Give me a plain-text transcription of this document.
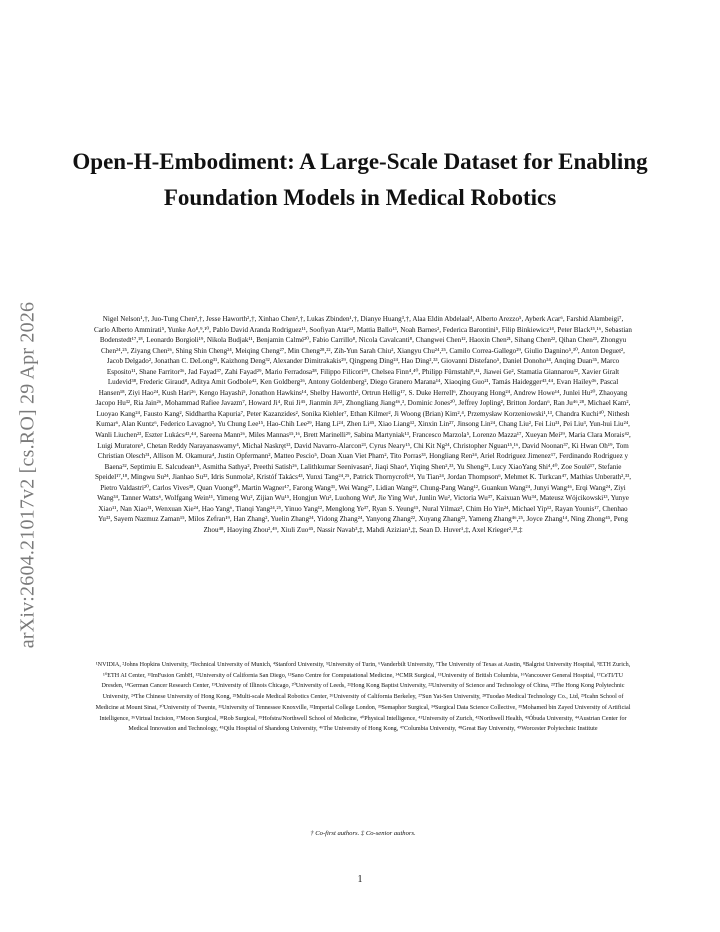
arXiv:2604.21017v2 [cs.RO] 29 Apr 2026
Open-H-Embodiment: A Large-Scale Dataset for Enabling Foundation Models in Medical Robotics
Nigel Nelson¹,†, Juo-Tung Chen²,†, Jesse Haworth²,†, Xinhao Chen²,†, Lukas Zbinden¹,†, Dianye Huang³,†, Alaa Eldin Abdelaal⁴, Alberto Arezzo⁵, Ayberk Acar⁶, Farshid Alambeigi⁷, Carlo Alberto Ammirati⁵, Yunke Ao⁸,⁹,¹⁰, Pablo David Aranda Rodriguez¹¹, Soofiyan Atar¹², Mattia Ballo¹³, Noah Barnes², Federica Barontini⁵, Filip Binkiewicz¹⁴, Peter Black¹⁵,¹⁶, Sebastian Bodenstedt¹⁷,¹⁸, Leonardo Borgioli¹⁹, Nikola Budjak¹¹, Benjamin Calmé²⁰, Fabio Carrillo⁸, Nicola Cavalcanti⁸, Changwei Chen¹², Haoxin Chen²¹, Sihang Chen²², Qihan Chen²³, Zhongyu Chen²⁴,²⁵, Ziyang Chen²⁶, Shing Shin Cheng²⁴, Meiqing Cheng²⁷, Min Cheng²⁸,²², Zih-Yun Sarah Chiu², Xiangyu Chu²⁴,²⁵, Camilo Correa-Gallego²⁹, Giulio Dagnino⁵,³⁰, Anton Deguet², Jacob Delgado², Jonathan C. DeLong³¹, Kaizhong Deng³², Alexander Dimitrakakis²⁹, Qingpeng Ding²⁴, Hao Ding²,³³, Giovanni Distefano⁵, Daniel Donoho³⁴, Anqing Duan³⁵, Marco Esposito¹¹, Shane Farritor³⁶, Jad Fayad³⁷, Zahi Fayad²⁹, Mario Ferradosa³⁸, Filippo Filicori³⁹, Chelsea Finn⁴,⁴⁰, Philipp Fürnstahl⁸,⁴¹, Jiawei Ge², Stamatia Giannarou³², Xavier Giralt Ludevid³⁸, Frederic Giraud⁸, Aditya Amit Godbole⁴², Ken Goldberg²⁶, Antony Goldenberg², Diego Granero Marana¹⁴, Xiaoqing Guo²¹, Tamás Haidegger⁴³,⁴⁴, Evan Hailey³⁶, Pascal Hansen¹⁸, Ziyi Hao²⁴, Kush Hari²⁶, Kengo Hayashi⁵, Jonathon Hawkins¹⁴, Shelby Haworth², Ortrun Hellig¹⁷, S. Duke Herrell⁶, Zhouyang Hong²⁴, Andrew Howe¹⁴, Junlei Hu²⁰, Zhaoyang Jacopo Hu³², Ria Jain²⁶, Mohammad Rafiee Javazm⁷, Howard Ji⁴, Rui Ji⁴⁵, Jianmin Ji²², Zhongliang Jiang⁴⁶,³, Dominic Jones²⁰, Jeffrey Jopling², Britton Jordan⁶, Ran Ju⁴⁶,²⁸, Michael Kam², Luoyao Kang²⁴, Fausto Kang², Siddhartha Kapuria⁷, Peter Kazanzides², Sonika Kiehler⁷, Ethan Kilmer², Ji Woong (Brian) Kim²,⁴, Przemysław Korzeniowski¹,¹³, Chandra Kuchi⁴⁰, Nithesh Kumar⁶, Alan Kuntz⁶, Federico Lavagno⁵, Yu Chung Lee¹⁵, Hao-Chih Lee²⁹, Hang Li²⁴, Zhen Li⁴⁵, Xiao Liang¹², Xinxin Lin²⁷, Jinsong Lin²⁴, Chang Liu², Fei Liu³¹, Pei Liu³, Yun-hui Liu²⁴, Wanli Liuchen²³, Eszter Lukács⁴³,⁴⁴, Sareena Mann²⁶, Miles Mannas¹⁵,¹⁶, Brett Marinelli²⁹, Sabina Martyniak¹³, Francesco Marzola⁵, Lorenzo Mazza¹⁷, Xueyan Mei²⁹, Maria Clara Morais⁴², Luigi Muratore⁵, Chetan Reddy Narayanaswamy⁴, Michał Naskręt¹³, David Navarro-Alarcon²³, Cyrus Neary¹⁵, Chi Kit Ng²⁴, Christopher Nguan¹⁵,¹⁶, David Noonan³⁷, Ki Hwan Oh¹⁹, Tom Christian Olesch³¹, Allison M. Okamura⁴, Justin Opfermann², Matteo Pescio⁵, Doan Xuan Viet Pham², Tito Porras³³, Hongliang Ren²⁴, Ariel Rodriguez Jimenez¹⁷, Ferdinando Rodriguez y Baena³², Septimiu E. Salcudean¹⁵, Asmitha Sathya², Preethi Satish²⁶, Lalithkumar Seenivasan², Jiaqi Shao⁴, Yiqing Shen²,³³, Yu Sheng²², Lucy XiaoYang Shi⁴,⁴⁰, Zoe Soulé¹⁷, Stefanie Speidel¹⁷,¹⁸, Mingwu Su²⁴, Jianhao Su³², Idris Sunmola², Kristóf Takács⁴³, Yunxi Tang²⁴,²⁵, Patrick Thornycroft¹⁴, Yu Tian²⁴, Jordan Thompson⁶, Mehmet K. Turkcan⁴⁷, Mathias Unberath²,³³, Pietro Valdastri²⁰, Carlos Vives³⁸, Quan Vuong⁴⁰, Martin Wagner¹⁷, Farong Wang³¹, Wei Wang²⁷, Lidian Wang²², Chung-Pang Wang¹², Guankun Wang²⁴, Junyi Wang⁴⁶, Erqi Wang²⁴, Ziyi Wang³⁴, Tanner Watts⁶, Wolfgang Wein¹¹, Yimeng Wu², Zijian Wu¹⁵, Hongjun Wu², Luohong Wu⁸, Jie Ying Wu⁶, Junlin Wu², Victoria Wu³⁷, Kaixuan Wu³⁴, Mateusz Wójcikowski¹³, Yunye Xiao¹¹, Nan Xiao³¹, Wenxuan Xie²⁴, Hao Yang⁶, Tianqi Yang²⁴,²⁵, Yinuo Yang¹², Menglong Ye³⁷, Ryan S. Yeung¹⁵, Nural Yilmaz², Chim Ho Yin²⁴, Michael Yip¹², Rayan Younis¹⁷, Chenhao Yu³³, Sayem Nazmuz Zaman¹⁵, Milos Zefran¹⁹, Han Zhang², Yuelin Zhang²⁴, Yidong Zhang²⁴, Yanyong Zhang²², Xuyang Zhang²², Yameng Zhang⁴⁶,²⁵, Joyce Zhang¹⁴, Ning Zhong⁴⁵, Peng Zhou⁴⁸, Haoying Zhou²,⁴⁹, Xiuli Zuo⁴⁵, Nassir Navab³,‡, Mahdi Azizian¹,‡, Sean D. Huver¹,‡, Axel Krieger²,³³,‡
¹NVIDIA, ²Johns Hopkins University, ³Technical University of Munich, ⁴Stanford University, ⁵University of Turin, ⁶Vanderbilt University, ⁷The University of Texas at Austin, ⁸Balgrist University Hospital, ⁹ETH Zurich, ¹⁰ETH AI Center, ¹¹ImFusion GmbH, ¹²University of California San Diego, ¹³Sano Centre for Computational Medicine, ¹⁴CMR Surgical, ¹⁵University of British Columbia, ¹⁶Vancouver General Hospital, ¹⁷CeTI/TU Dresden, ¹⁸German Cancer Research Center, ¹⁹University of Illinois Chicago, ²⁰University of Leeds, ²¹Hong Kong Baptist University, ²²University of Science and Technology of China, ²³The Hong Kong Polytechnic University, ²⁴The Chinese University of Hong Kong, ²⁵Multi-scale Medical Robotics Center, ²⁶University of California Berkeley, ²⁷Sun Yat-Sen University, ²⁸Tuodao Medical Technology Co., Ltd, ²⁹Icahn School of Medicine at Mount Sinai, ³⁰University of Twente, ³¹University of Tennessee Knoxville, ³²Imperial College London, ³³Semaphor Surgical, ³⁴Surgical Data Science Collective, ³⁵Mohamed bin Zayed University of Artificial Intelligence, ³⁶Virtual Incision, ³⁷Moon Surgical, ³⁸Rob Surgical, ³⁹Hofstra/Northwell School of Medicine, ⁴⁰Physical Intelligence, ⁴¹University of Zurich, ⁴²Northwell Health, ⁴³Óbuda University, ⁴⁴Austrian Center for Medical Innovation and Technology, ⁴⁵Qilu Hospital of Shandong University, ⁴⁶The University of Hong Kong, ⁴⁷Columbia University, ⁴⁸Great Bay University, ⁴⁹Worcester Polytechnic Institute
† Co-first authors. ‡ Co-senior authors.
1
